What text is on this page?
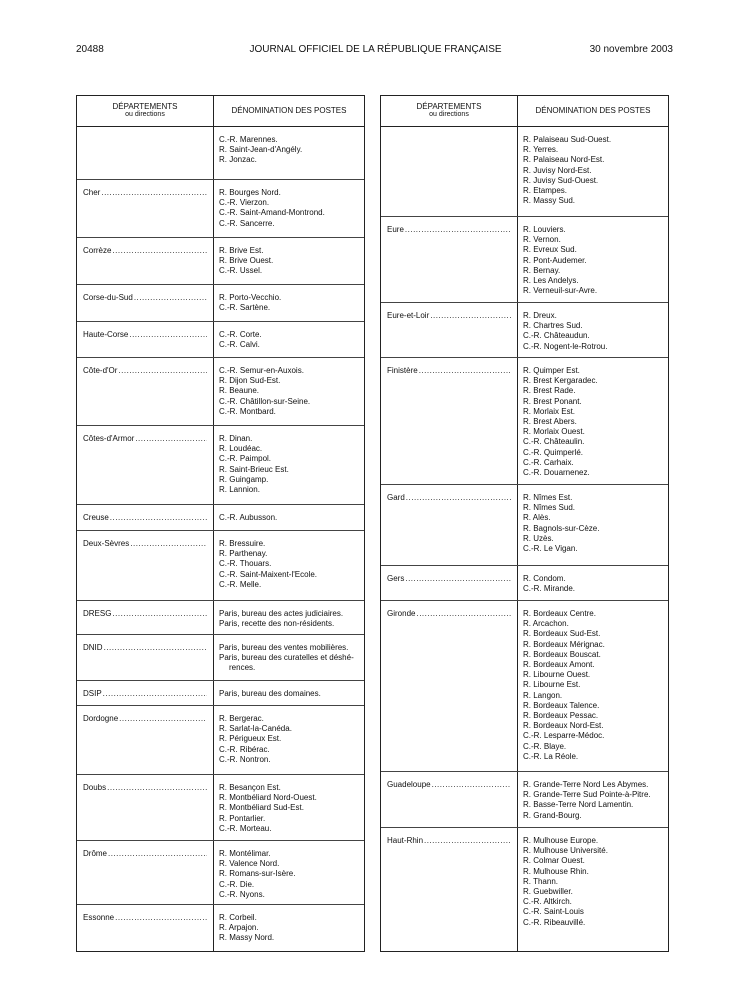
20488	JOURNAL OFFICIEL DE LA RÉPUBLIQUE FRANÇAISE	30 novembre 2003
DÉPARTEMENTS
ou directions	DÉNOMINATION DES POSTES
C.-R. Marennes.
R. Saint-Jean-d'Angély.
R. Jonzac.
Cher .....	R. Bourges Nord.
C.-R. Vierzon.
C.-R. Saint-Amand-Montrond.
C.-R. Sancerre.
Corrèze .....	R. Brive Est.
R. Brive Ouest.
C.-R. Ussel.
Corse-du-Sud .....	R. Porto-Vecchio.
C.-R. Sartène.
Haute-Corse .....	C.-R. Corte.
C.-R. Calvi.
Côte-d'Or .....	C.-R. Semur-en-Auxois.
R. Dijon Sud-Est.
R. Beaune.
C.-R. Châtillon-sur-Seine.
C.-R. Montbard.
Côtes-d'Armor .....	R. Dinan.
R. Loudéac.
C.-R. Paimpol.
R. Saint-Brieuc Est.
R. Guingamp.
R. Lannion.
Creuse .....	C.-R. Aubusson.
Deux-Sèvres .....	R. Bressuire.
R. Parthenay.
C.-R. Thouars.
C.-R. Saint-Maixent-l'Ecole.
C.-R. Melle.
DRESG .....	Paris, bureau des actes judiciaires.
Paris, recette des non-résidents.
DNID .....	Paris, bureau des ventes mobilières.
Paris, bureau des curatelles et déshé-
rences.
DSIP .....	Paris, bureau des domaines.
Dordogne .....	R. Bergerac.
R. Sarlat-la-Canéda.
R. Périgueux Est.
C.-R. Ribérac.
C.-R. Nontron.
Doubs .....	R. Besançon Est.
R. Montbéliard Nord-Ouest.
R. Montbéliard Sud-Est.
R. Pontarlier.
C.-R. Morteau.
Drôme .....	R. Montélimar.
R. Valence Nord.
R. Romans-sur-Isère.
C.-R. Die.
C.-R. Nyons.
Essonne .....	R. Corbeil.
R. Arpajon.
R. Massy Nord.
DÉPARTEMENTS
ou directions	DÉNOMINATION DES POSTES
R. Palaiseau Sud-Ouest.
R. Yerres.
R. Palaiseau Nord-Est.
R. Juvisy Nord-Est.
R. Juvisy Sud-Ouest.
R. Etampes.
R. Massy Sud.
Eure .....	R. Louviers.
R. Vernon.
R. Evreux Sud.
R. Pont-Audemer.
R. Bernay.
R. Les Andelys.
R. Verneuil-sur-Avre.
Eure-et-Loir .....	R. Dreux.
R. Chartres Sud.
C.-R. Châteaudun.
C.-R. Nogent-le-Rotrou.
Finistère .....	R. Quimper Est.
R. Brest Kergaradec.
R. Brest Rade.
R. Brest Ponant.
R. Morlaix Est.
R. Brest Abers.
R. Morlaix Ouest.
C.-R. Châteaulin.
C.-R. Quimperlé.
C.-R. Carhaix.
C.-R. Douarnenez.
Gard .....	R. Nîmes Est.
R. Nîmes Sud.
R. Alès.
R. Bagnols-sur-Cèze.
R. Uzès.
C.-R. Le Vigan.
Gers .....	R. Condom.
C.-R. Mirande.
Gironde .....	R. Bordeaux Centre.
R. Arcachon.
R. Bordeaux Sud-Est.
R. Bordeaux Mérignac.
R. Bordeaux Bouscat.
R. Bordeaux Amont.
R. Libourne Ouest.
R. Libourne Est.
R. Langon.
R. Bordeaux Talence.
R. Bordeaux Pessac.
R. Bordeaux Nord-Est.
C.-R. Lesparre-Médoc.
C.-R. Blaye.
C.-R. La Réole.
Guadeloupe .....	R. Grande-Terre Nord Les Abymes.
R. Grande-Terre Sud Pointe-à-Pitre.
R. Basse-Terre Nord Lamentin.
R. Grand-Bourg.
Haut-Rhin .....	R. Mulhouse Europe.
R. Mulhouse Université.
R. Colmar Ouest.
R. Mulhouse Rhin.
R. Thann.
R. Guebwiller.
C.-R. Altkirch.
C.-R. Saint-Louis
C.-R. Ribeauvillé.
